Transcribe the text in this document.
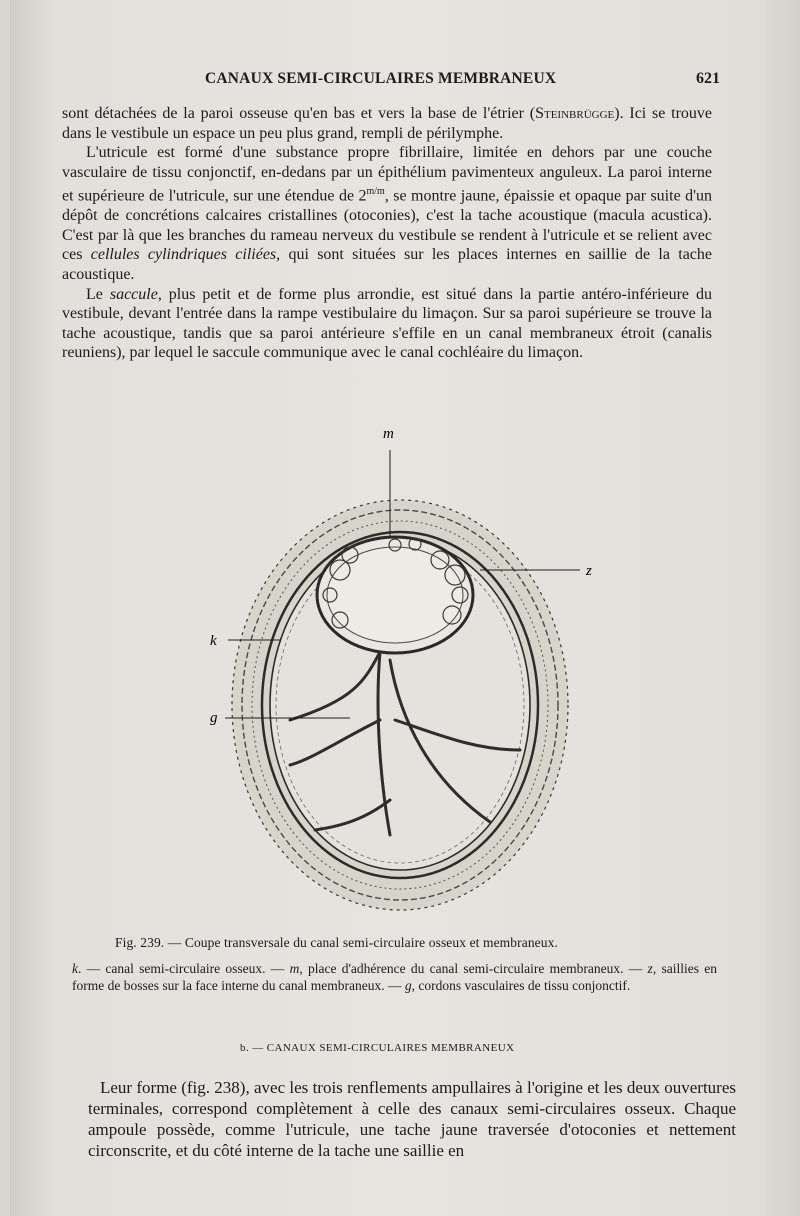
CANAUX SEMI-CIRCULAIRES MEMBRANEUX	621

sont détachées de la paroi osseuse qu'en bas et vers la base de l'étrier (Steinbrügge). Ici se trouve dans le vestibule un espace un peu plus grand, rempli de périlymphe.

L'utricule est formé d'une substance propre fibrillaire, limitée en dehors par une couche vasculaire de tissu conjonctif, en-dedans par un épithélium pavimenteux anguleux. La paroi interne et supérieure de l'utricule, sur une étendue de $2^{m/m}$, se montre jaune, épaissie et opaque par suite d'un dépôt de concrétions calcaires cristallines (otoconies), c'est la tache acoustique (macula acustica). C'est par là que les branches du rameau nerveux du vestibule se rendent à l'utricule et se relient avec ces cellules cylindriques ciliées, qui sont situées sur les places internes en saillie de la tache acoustique.

Le saccule, plus petit et de forme plus arrondie, est situé dans la partie antéro-inférieure du vestibule, devant l'entrée dans la rampe vestibulaire du limaçon. Sur sa paroi supérieure se trouve la tache acoustique, tandis que sa paroi antérieure s'effile en un canal membraneux étroit (canalis reuniens), par lequel le saccule communique avec le canal cochléaire du limaçon.

m
z
k
g
Fig. 239. — Coupe transversale du canal semi-circulaire osseux et membraneux.
k. — canal semi-circulaire osseux. — m, place d'adhérence du canal semi-circulaire membraneux. — z, saillies en forme de bosses sur la face interne du canal membraneux. — g, cordons vasculaires de tissu conjonctif.
b. — CANAUX SEMI-CIRCULAIRES MEMBRANEUX

Leur forme (fig. 238), avec les trois renflements ampullaires à l'origine et les deux ouvertures terminales, correspond complètement à celle des canaux semi-circulaires osseux. Chaque ampoule possède, comme l'utricule, une tache jaune traversée d'otoconies et nettement circonscrite, et du côté interne de la tache une saillie en
